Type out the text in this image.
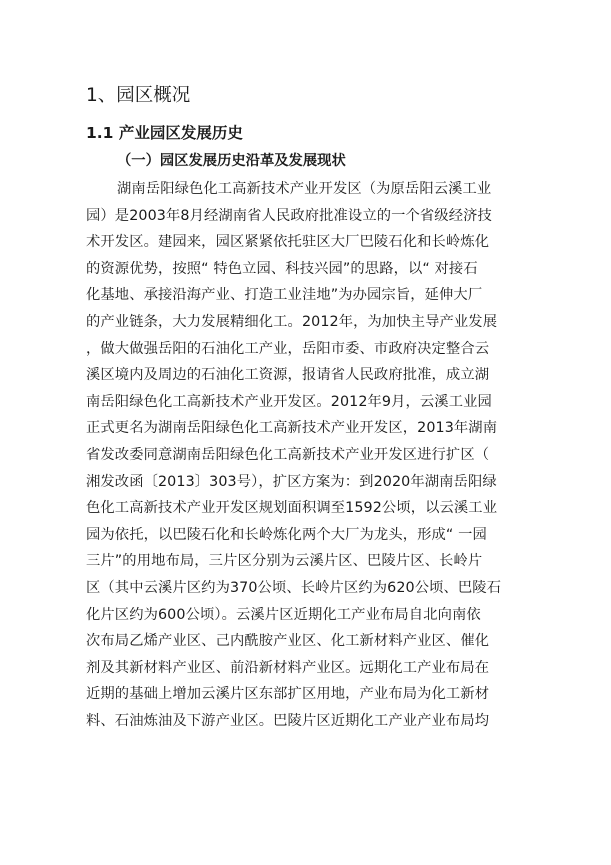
1、园区概况
1.1 产业园区发展历史
（一）园区发展历史沿革及发展现状
湖南岳阳绿色化工高新技术产业开发区（为原岳阳云溪工业
园）是2003年8月经湖南省人民政府批准设立的一个省级经济技
术开发区。建园来，园区紧紧依托驻区大厂巴陵石化和长岭炼化
的资源优势，按照“ 特色立园、科技兴园”的思路，以“ 对接石
化基地、承接沿海产业、打造工业洼地”为办园宗旨，延伸大厂
的产业链条，大力发展精细化工。2012年，为加快主导产业发展
，做大做强岳阳的石油化工产业，岳阳市委、市政府决定整合云
溪区境内及周边的石油化工资源，报请省人民政府批准，成立湖
南岳阳绿色化工高新技术产业开发区。2012年9月，云溪工业园
正式更名为湖南岳阳绿色化工高新技术产业开发区，2013年湖南
省发改委同意湖南岳阳绿色化工高新技术产业开发区进行扩区（
湘发改函〔2013〕303号），扩区方案为：到2020年湖南岳阳绿
色化工高新技术产业开发区规划面积调至1592公顷，以云溪工业
园为依托，以巴陵石化和长岭炼化两个大厂为龙头，形成“ 一园
三片”的用地布局，三片区分别为云溪片区、巴陵片区、长岭片
区（其中云溪片区约为370公顷、长岭片区约为620公顷、巴陵石
化片区约为600公顷）。云溪片区近期化工产业布局自北向南依
次布局乙烯产业区、己内酰胺产业区、化工新材料产业区、催化
剂及其新材料产业区、前沿新材料产业区。远期化工产业布局在
近期的基础上增加云溪片区东部扩区用地，产业布局为化工新材
料、石油炼油及下游产业区。巴陵片区近期化工产业产业布局均
